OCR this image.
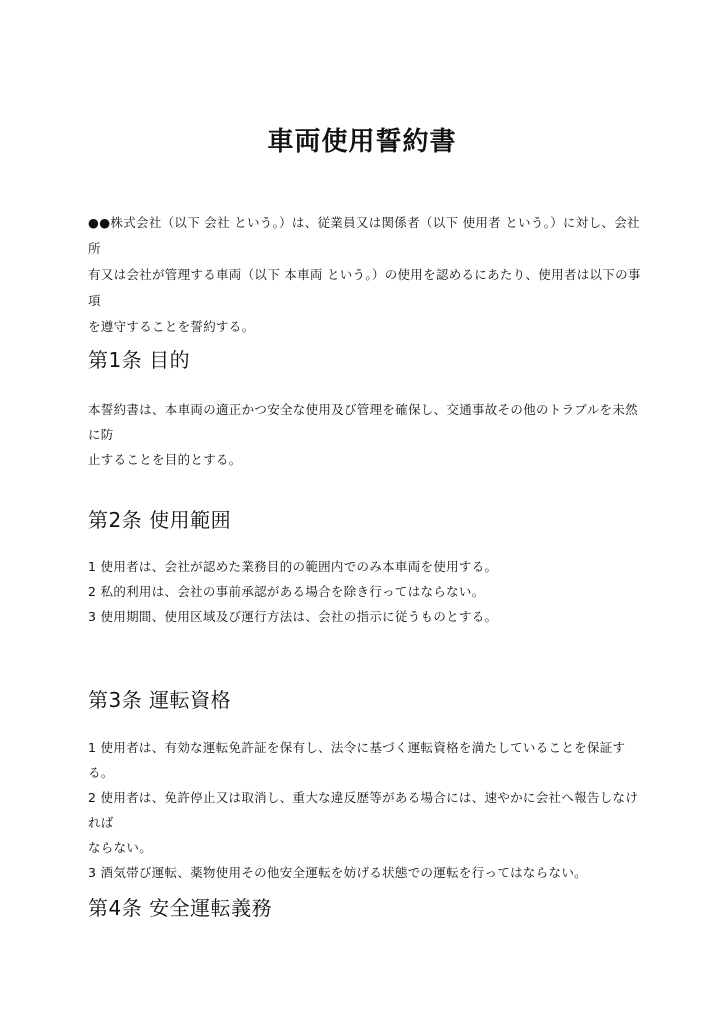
車両使用誓約書

●●株式会社（以下 会社 という。）は、従業員又は関係者（以下 使用者 という。）に対し、会社所

有又は会社が管理する車両（以下 本車両 という。）の使用を認めるにあたり、使用者は以下の事項

を遵守することを誓約する。

第1条 目的

本誓約書は、本車両の適正かつ安全な使用及び管理を確保し、交通事故その他のトラブルを未然に防

止することを目的とする。

第2条 使用範囲

1 使用者は、会社が認めた業務目的の範囲内でのみ本車両を使用する。

2 私的利用は、会社の事前承認がある場合を除き行ってはならない。

3 使用期間、使用区域及び運行方法は、会社の指示に従うものとする。

第3条 運転資格

1 使用者は、有効な運転免許証を保有し、法令に基づく運転資格を満たしていることを保証する。

2 使用者は、免許停止又は取消し、重大な違反歴等がある場合には、速やかに会社へ報告しなければ

ならない。

3 酒気帯び運転、薬物使用その他安全運転を妨げる状態での運転を行ってはならない。

第4条 安全運転義務
